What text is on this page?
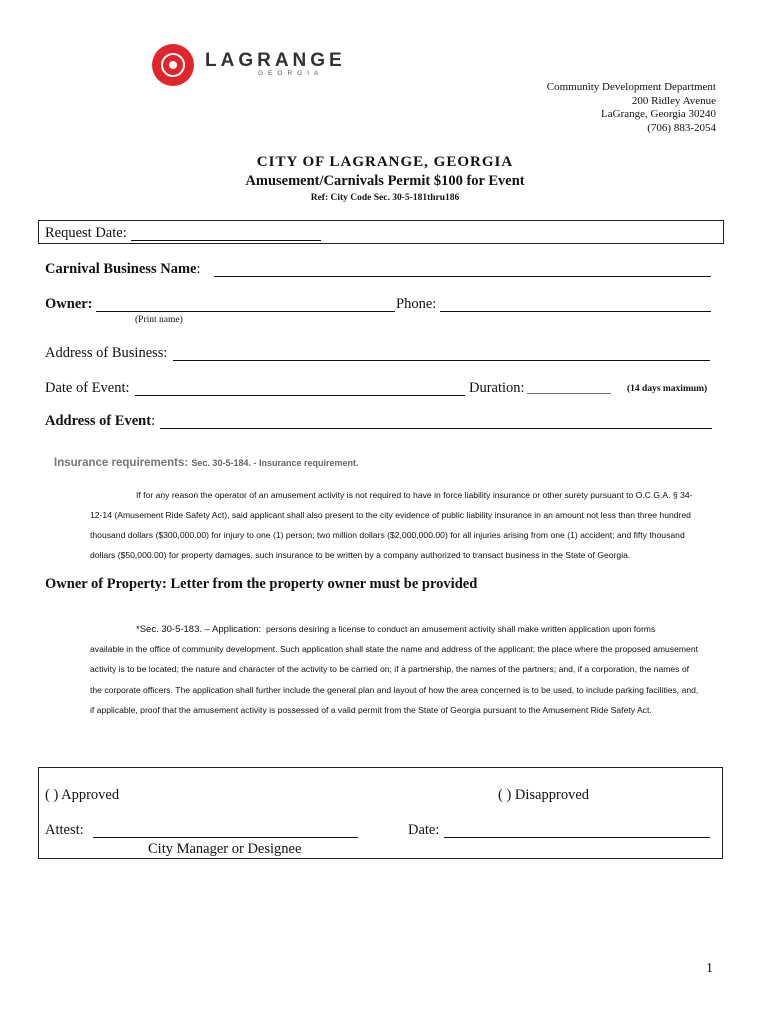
LAGRANGE
GEORGIA
Community Development Department
200 Ridley Avenue
LaGrange, Georgia 30240
(706) 883-2054
CITY OF LAGRANGE, GEORGIA
Amusement/Carnivals Permit $100 for Event
Ref: City Code Sec. 30-5-181thru186
Request Date:
Carnival Business Name:
Owner:	Phone:
(Print name)
Address of Business:
Date of Event:	Duration: ______________ (14 days maximum)
Address of Event:
Insurance requirements: Sec. 30-5-184. - Insurance requirement.
If for any reason the operator of an amusement activity is not required to have in force liability insurance or other surety pursuant to O.C.G.A. § 34-
12-14 (Amusement Ride Safety Act), said applicant shall also present to the city evidence of public liability insurance in an amount not less than three hundred
thousand dollars ($300,000.00) for injury to one (1) person; two million dollars ($2,000,000.00) for all injuries arising from one (1) accident; and fifty thousand
dollars ($50,000.00) for property damages, such insurance to be written by a company authorized to transact business in the State of Georgia.
Owner of Property: Letter from the property owner must be provided
*Sec. 30-5-183. – Application: persons desiring a license to conduct an amusement activity shall make written application upon forms
available in the office of community development. Such application shall state the name and address of the applicant; the place where the proposed amusement
activity is to be located; the nature and character of the activity to be carried on; if a partnership, the names of the partners; and, if a corporation, the names of
the corporate officers. The application shall further include the general plan and layout of how the area concerned is to be used, to include parking facilities, and,
if applicable, proof that the amusement activity is possessed of a valid permit from the State of Georgia pursuant to the Amusement Ride Safety Act.
( ) Approved	( ) Disapproved
Attest:	Date:
City Manager or Designee
1
